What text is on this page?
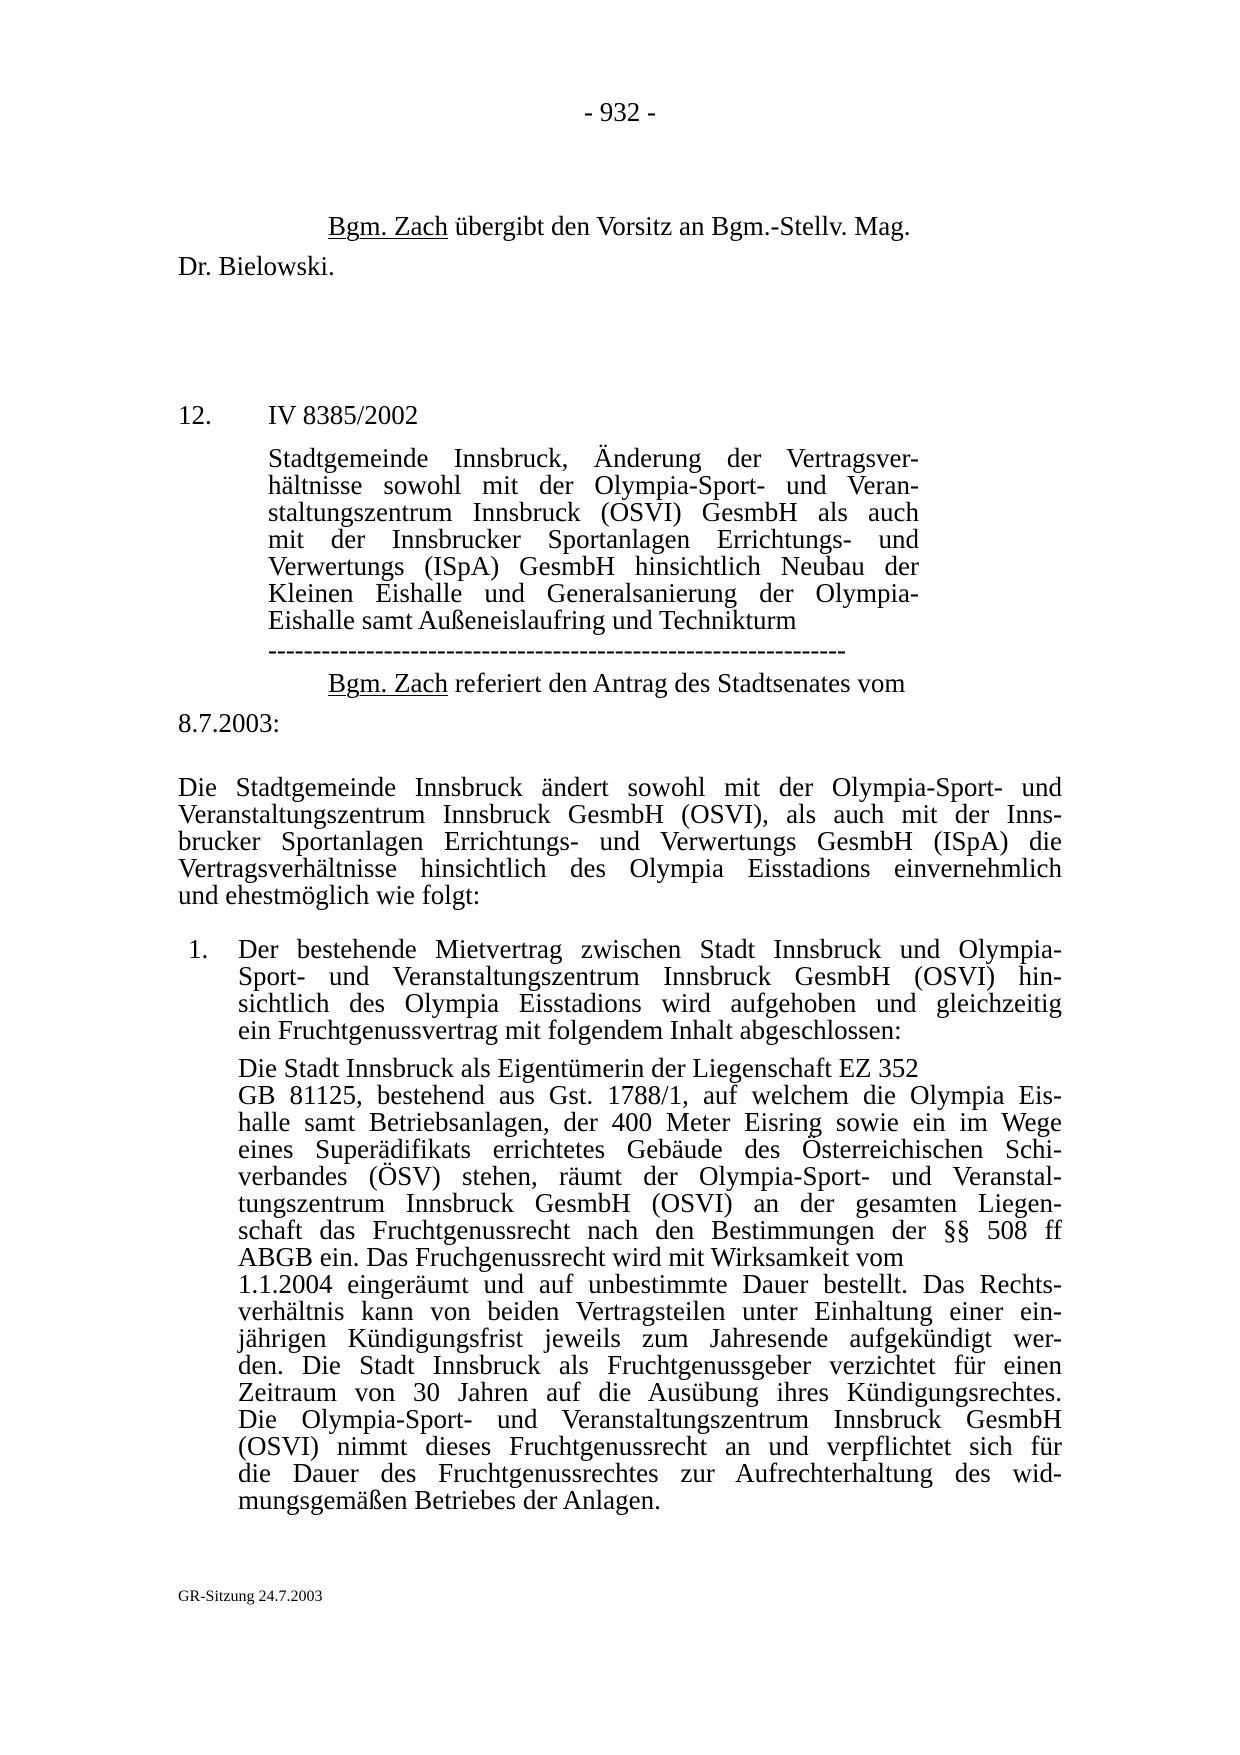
- 932 -
Bgm. Zach übergibt den Vorsitz an Bgm.-Stellv. Mag.
Dr. Bielowski.
12. IV 8385/2002
Stadtgemeinde Innsbruck, Änderung der Vertragsver-
hältnisse sowohl mit der Olympia-Sport- und Veran-
staltungszentrum Innsbruck (OSVI) GesmbH als auch
mit der Innsbrucker Sportanlagen Errichtungs- und
Verwertungs (ISpA) GesmbH hinsichtlich Neubau der
Kleinen Eishalle und Generalsanierung der Olympia-
Eishalle samt Außeneislaufring und Technikturm
-----------------------------------------------------------------
Bgm. Zach referiert den Antrag des Stadtsenates vom
8.7.2003:
Die Stadtgemeinde Innsbruck ändert sowohl mit der Olympia-Sport- und
Veranstaltungszentrum Innsbruck GesmbH (OSVI), als auch mit der Inns-
brucker Sportanlagen Errichtungs- und Verwertungs GesmbH (ISpA) die
Vertragsverhältnisse hinsichtlich des Olympia Eisstadions einvernehmlich
und ehestmöglich wie folgt:
1. Der bestehende Mietvertrag zwischen Stadt Innsbruck und Olympia-
Sport- und Veranstaltungszentrum Innsbruck GesmbH (OSVI) hin-
sichtlich des Olympia Eisstadions wird aufgehoben und gleichzeitig
ein Fruchtgenussvertrag mit folgendem Inhalt abgeschlossen:
Die Stadt Innsbruck als Eigentümerin der Liegenschaft EZ 352
GB 81125, bestehend aus Gst. 1788/1, auf welchem die Olympia Eis-
halle samt Betriebsanlagen, der 400 Meter Eisring sowie ein im Wege
eines Superädifikats errichtetes Gebäude des Österreichischen Schi-
verbandes (ÖSV) stehen, räumt der Olympia-Sport- und Veranstal-
tungszentrum Innsbruck GesmbH (OSVI) an der gesamten Liegen-
schaft das Fruchtgenussrecht nach den Bestimmungen der §§ 508 ff
ABGB ein. Das Fruchgenussrecht wird mit Wirksamkeit vom
1.1.2004 eingeräumt und auf unbestimmte Dauer bestellt. Das Rechts-
verhältnis kann von beiden Vertragsteilen unter Einhaltung einer ein-
jährigen Kündigungsfrist jeweils zum Jahresende aufgekündigt wer-
den. Die Stadt Innsbruck als Fruchtgenussgeber verzichtet für einen
Zeitraum von 30 Jahren auf die Ausübung ihres Kündigungsrechtes.
Die Olympia-Sport- und Veranstaltungszentrum Innsbruck GesmbH
(OSVI) nimmt dieses Fruchtgenussrecht an und verpflichtet sich für
die Dauer des Fruchtgenussrechtes zur Aufrechterhaltung des wid-
mungsgemäßen Betriebes der Anlagen.
GR-Sitzung 24.7.2003
